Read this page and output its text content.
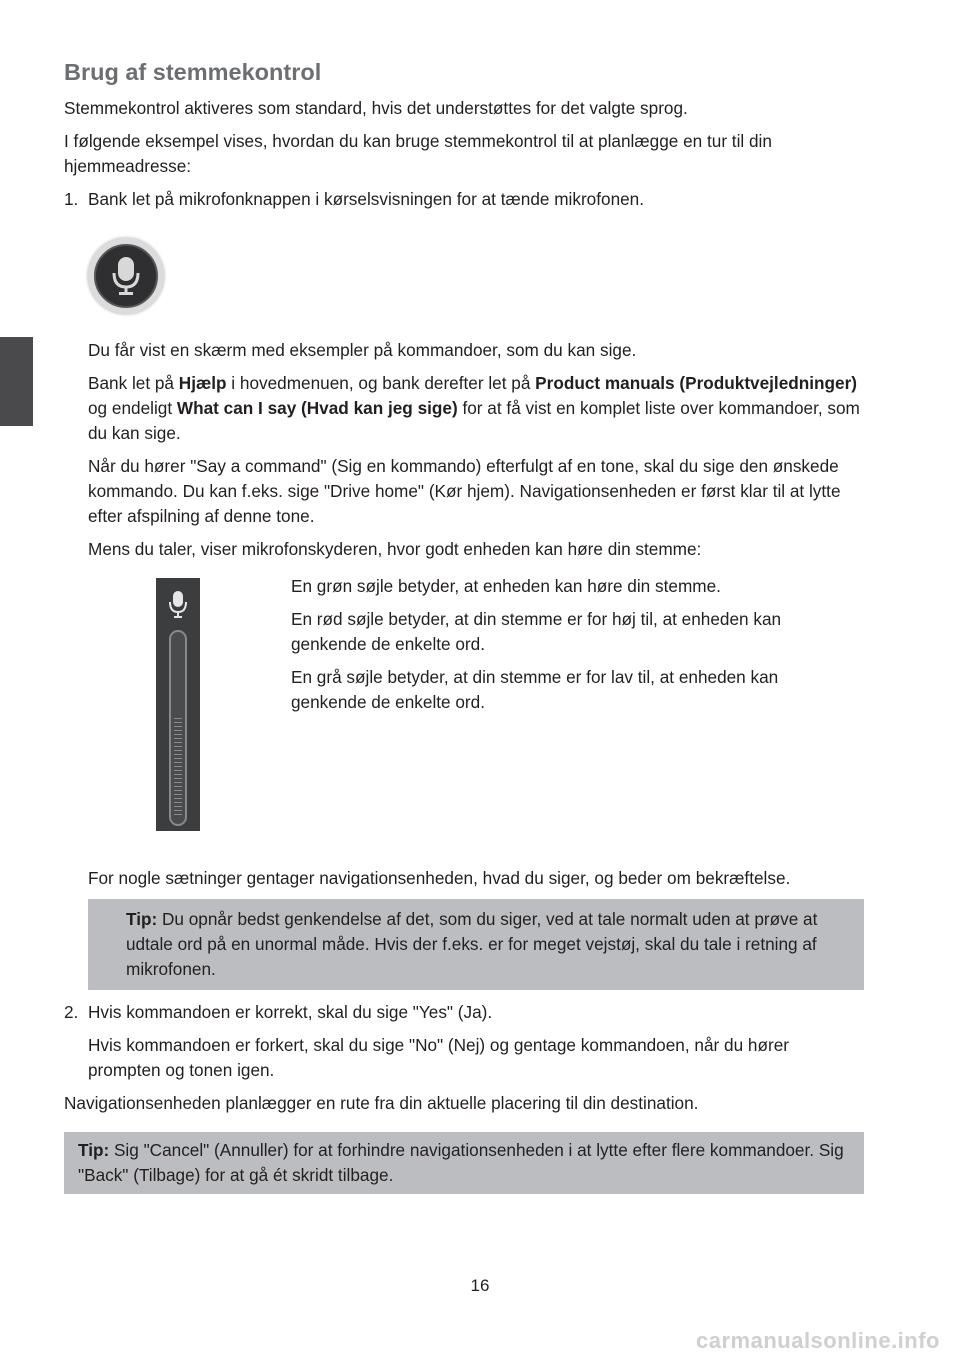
Brug af stemmekontrol

Stemmekontrol aktiveres som standard, hvis det understøttes for det valgte sprog.

I følgende eksempel vises, hvordan du kan bruge stemmekontrol til at planlægge en tur til din hjemmeadresse:

1. Bank let på mikrofonknappen i kørselsvisningen for at tænde mikrofonen.

Du får vist en skærm med eksempler på kommandoer, som du kan sige.

Bank let på Hjælp i hovedmenuen, og bank derefter let på Product manuals (Produktvejledninger) og endeligt What can I say (Hvad kan jeg sige) for at få vist en komplet liste over kommandoer, som du kan sige.

Når du hører "Say a command" (Sig en kommando) efterfulgt af en tone, skal du sige den ønskede kommando. Du kan f.eks. sige "Drive home" (Kør hjem). Navigationsenheden er først klar til at lytte efter afspilning af denne tone.

Mens du taler, viser mikrofonskyderen, hvor godt enheden kan høre din stemme:

En grøn søjle betyder, at enheden kan høre din stemme.

En rød søjle betyder, at din stemme er for høj til, at enheden kan genkende de enkelte ord.

En grå søjle betyder, at din stemme er for lav til, at enheden kan genkende de enkelte ord.

For nogle sætninger gentager navigationsenheden, hvad du siger, og beder om bekræftelse.

Tip: Du opnår bedst genkendelse af det, som du siger, ved at tale normalt uden at prøve at udtale ord på en unormal måde. Hvis der f.eks. er for meget vejstøj, skal du tale i retning af mikrofonen.

2. Hvis kommandoen er korrekt, skal du sige "Yes" (Ja).

Hvis kommandoen er forkert, skal du sige "No" (Nej) og gentage kommandoen, når du hører prompten og tonen igen.

Navigationsenheden planlægger en rute fra din aktuelle placering til din destination.

Tip: Sig "Cancel" (Annuller) for at forhindre navigationsenheden i at lytte efter flere kommandoer. Sig "Back" (Tilbage) for at gå ét skridt tilbage.
16
carmanualsonline.info
